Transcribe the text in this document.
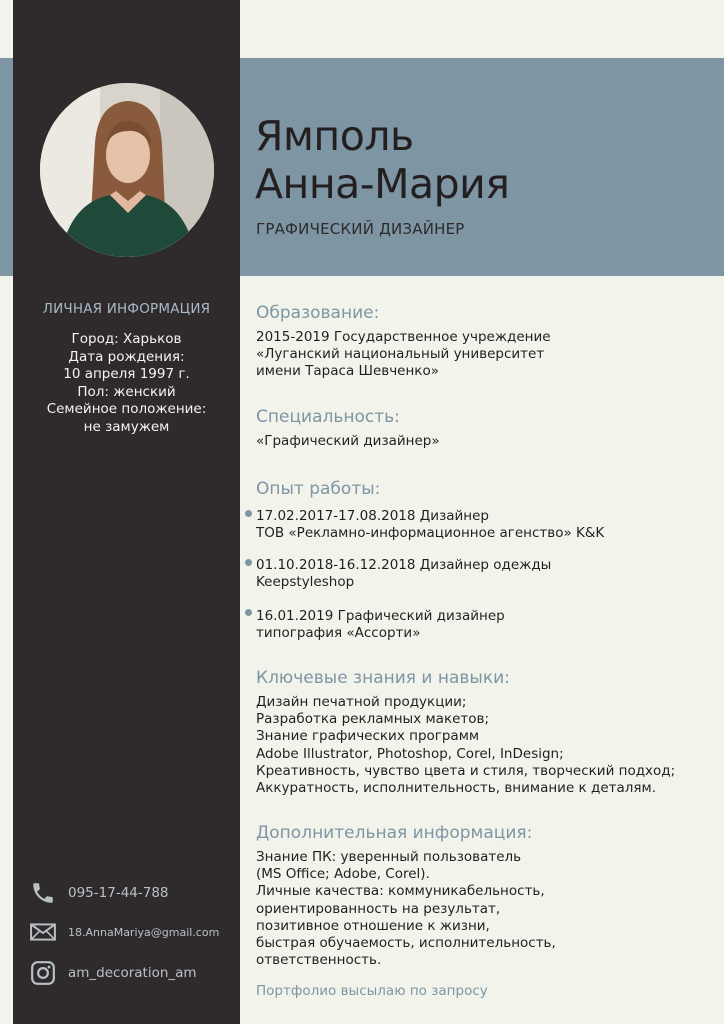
Ямполь
Анна-Мария
ГРАФИЧЕСКИЙ ДИЗАЙНЕР
ЛИЧНАЯ ИНФОРМАЦИЯ
Город: Харьков
Дата рождения:
10 апреля 1997 г.
Пол: женский
Семейное положение:
не замужем
095-17-44-788
18.AnnaMariya@gmail.com
am_decoration_am
Образование:
2015-2019 Государственное учреждение
«Луганский национальный университет
имени Тараса Шевченко»
Специальность:
«Графический дизайнер»
Опыт работы:
17.02.2017-17.08.2018 Дизайнер
ТОВ «Рекламно-информационное агенство» K&K
01.10.2018-16.12.2018 Дизайнер одежды
Keepstyleshop
16.01.2019 Графический дизайнер
типография «Ассорти»
Ключевые знания и навыки:
Дизайн печатной продукции;
Разработка рекламных макетов;
Знание графических программ
Adobe Illustrator, Photoshop, Corel, InDesign;
Креативность, чувство цвета и стиля, творческий подход;
Аккуратность, исполнительность, внимание к деталям.
Дополнительная информация:
Знание ПК: уверенный пользователь
(MS Office; Adobe, Corel).
Личные качества: коммуникабельность,
ориентированность на результат,
позитивное отношение к жизни,
быстрая обучаемость, исполнительность,
ответственность.
Портфолио высылаю по запросу
